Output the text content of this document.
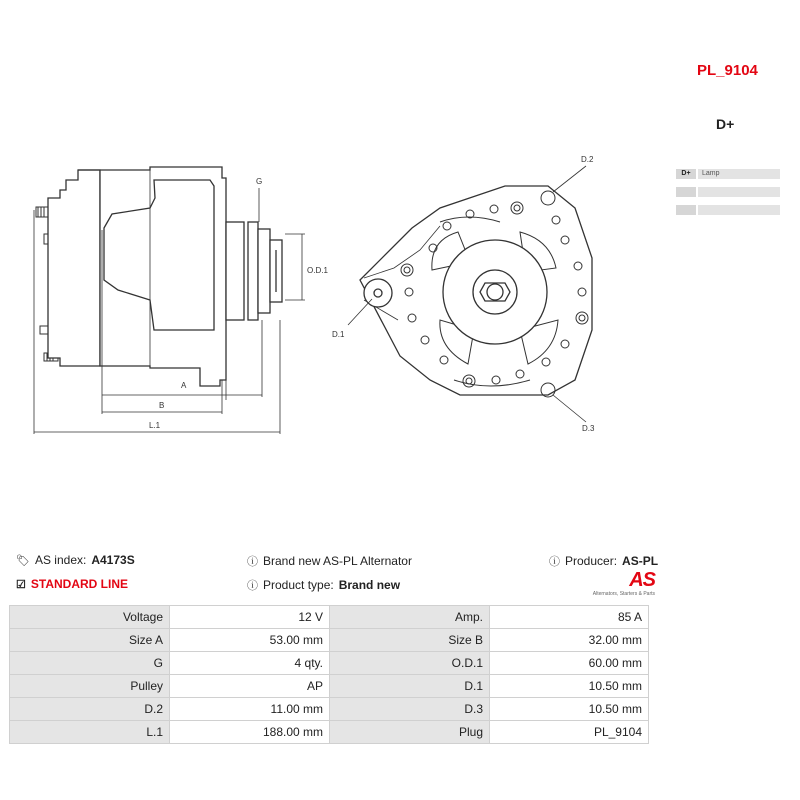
PL_9104
D+
D+	Lamp
G
O.D.1
A
B
L.1
D.1
D.2
D.3
🏷︎ AS index: A4173S	ⓘ Brand new AS-PL Alternator	ⓘ Producer: AS-PL
☑ STANDARD LINE	ⓘ Product type: Brand new	AS
Alternators, Starters & Parts
Voltage	12 V	Amp.	85 A
Size A	53.00 mm	Size B	32.00 mm
G	4 qty.	O.D.1	60.00 mm
Pulley	AP	D.1	10.50 mm
D.2	11.00 mm	D.3	10.50 mm
L.1	188.00 mm	Plug	PL_9104
